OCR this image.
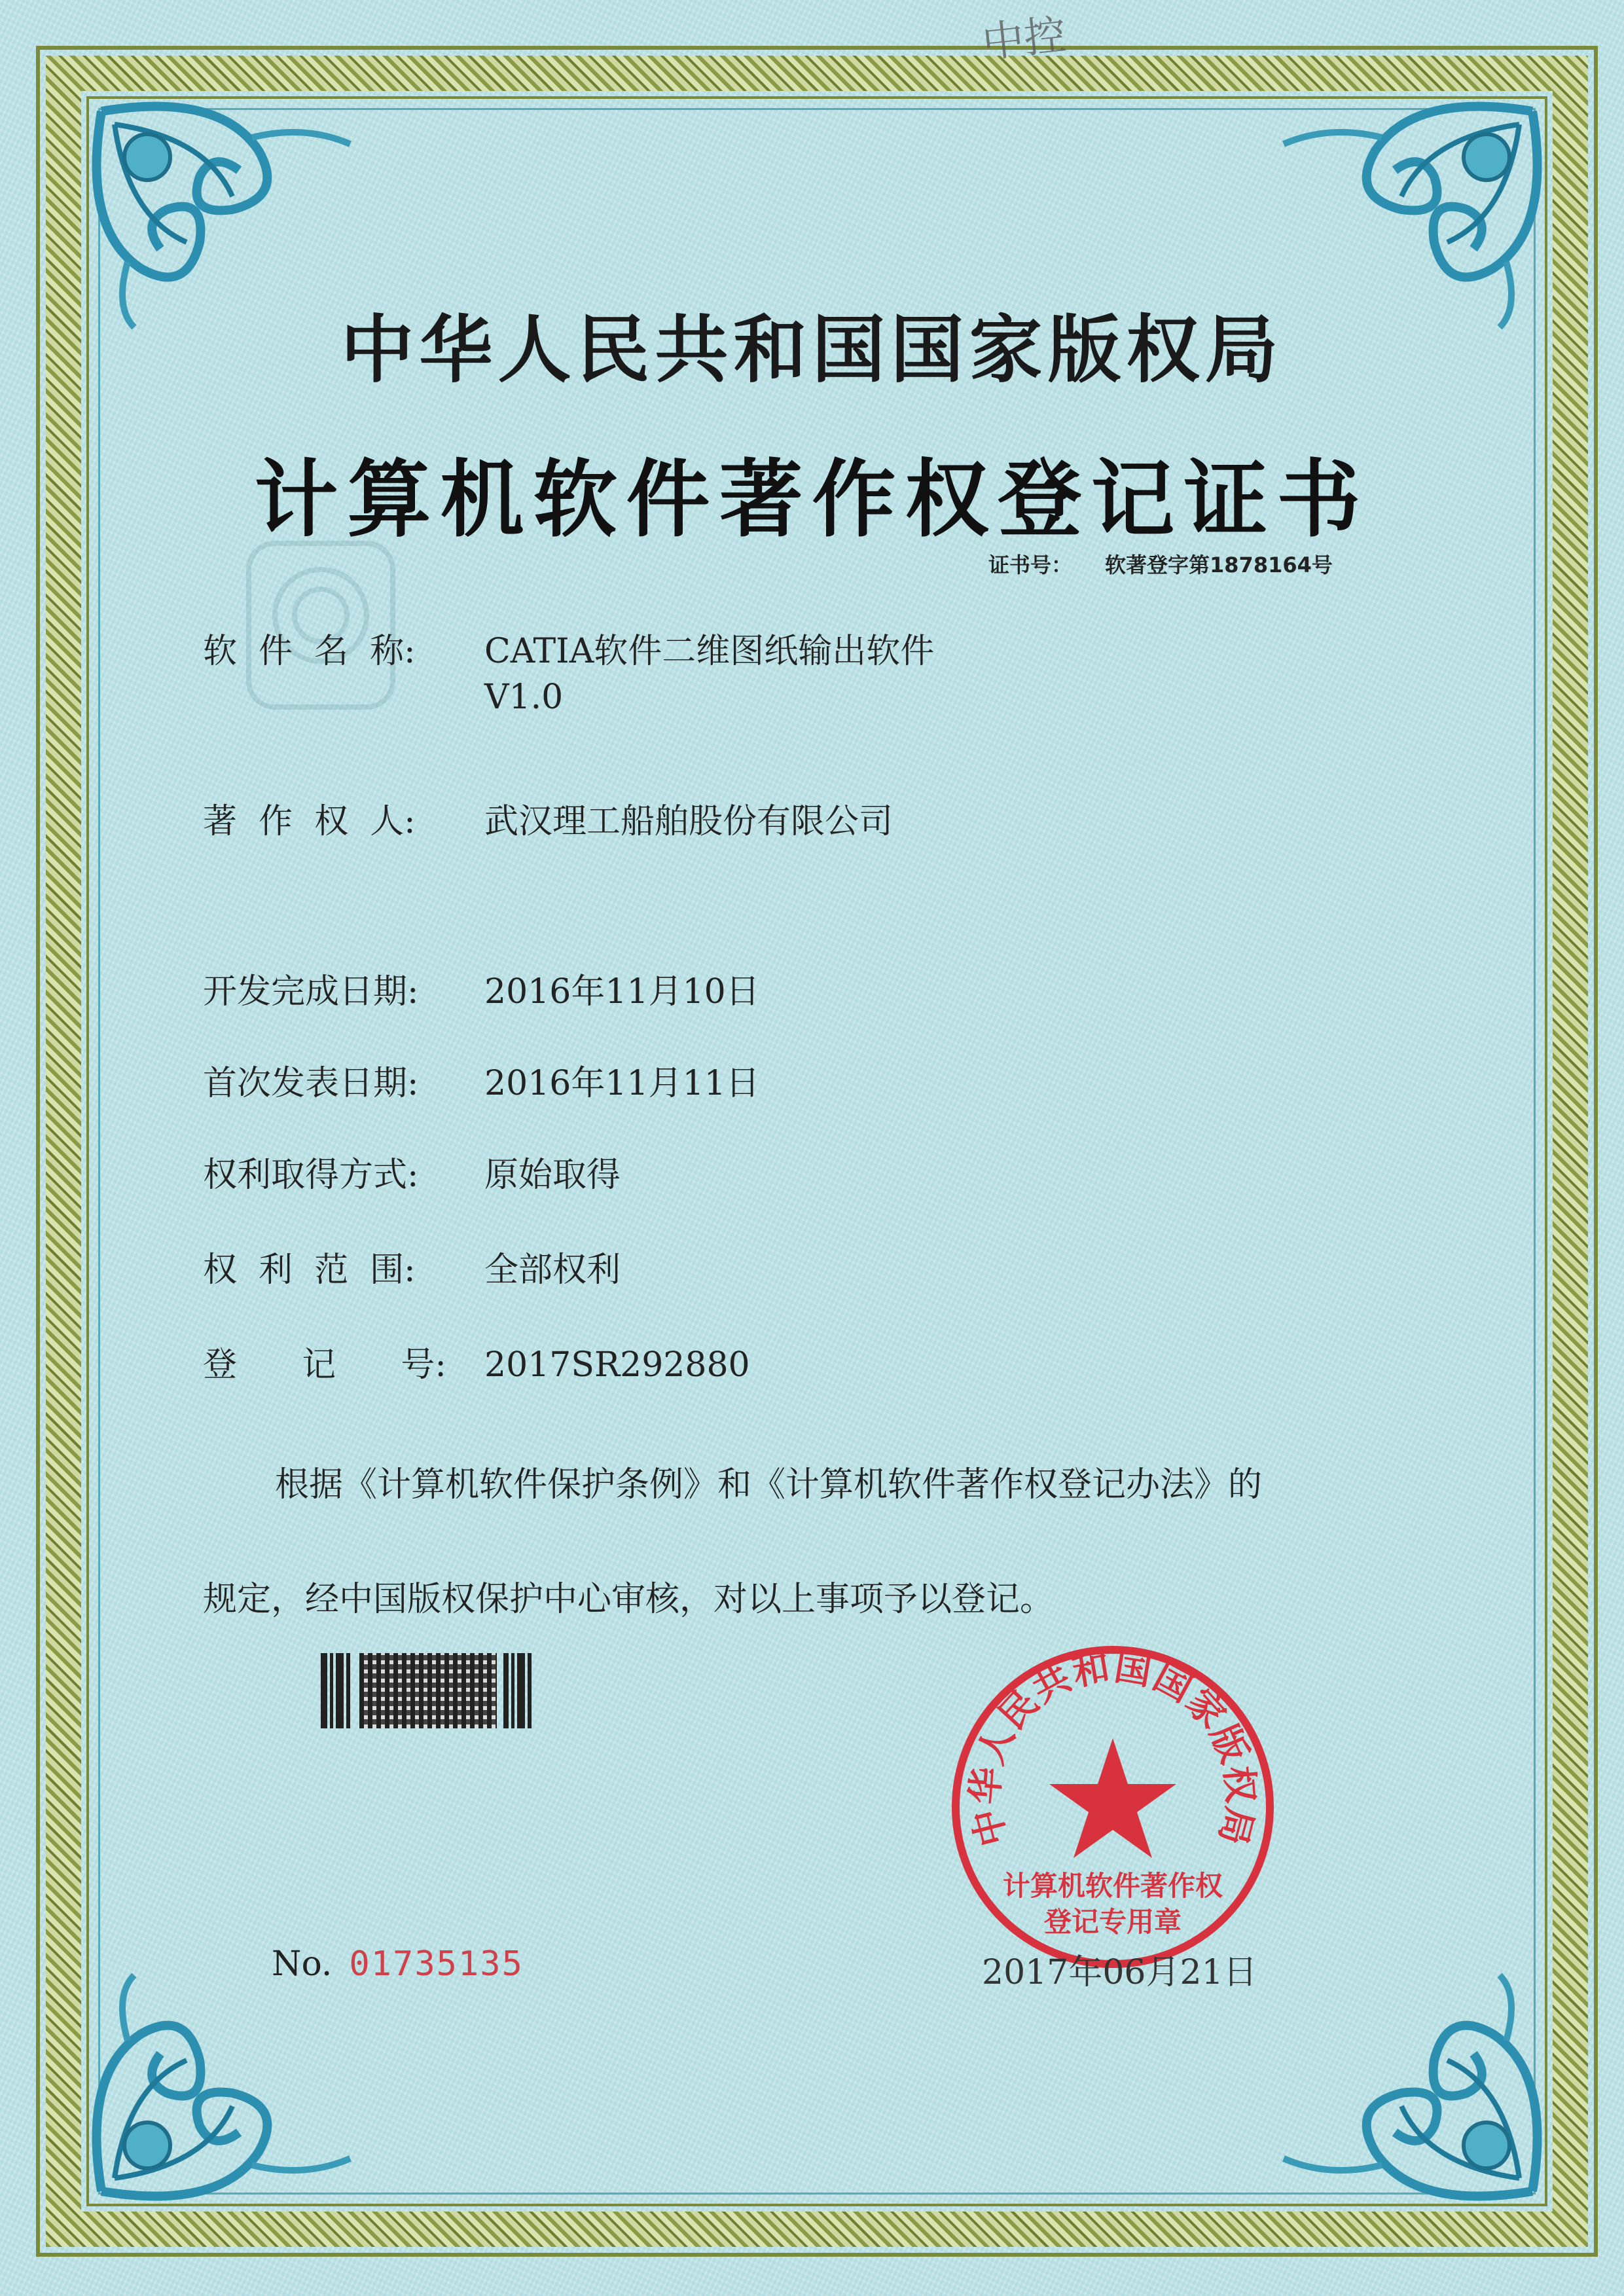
中控
中华人民共和国国家版权局
计算机软件著作权登记证书
证书号： 软著登字第1878164号
软  件  名  称: CATIA软件二维图纸输出软件
V1.0
著  作  权  人: 武汉理工船舶股份有限公司
开发完成日期: 2016年11月10日
首次发表日期: 2016年11月11日
权利取得方式: 原始取得
权  利  范  围: 全部权利
登      记      号: 2017SR292880
根据《计算机软件保护条例》和《计算机软件著作权登记办法》的
规定，经中国版权保护中心审核，对以上事项予以登记。
中华人民共和国国家版权局
计算机软件著作权
登记专用章
No. 01735135	2017年06月21日
